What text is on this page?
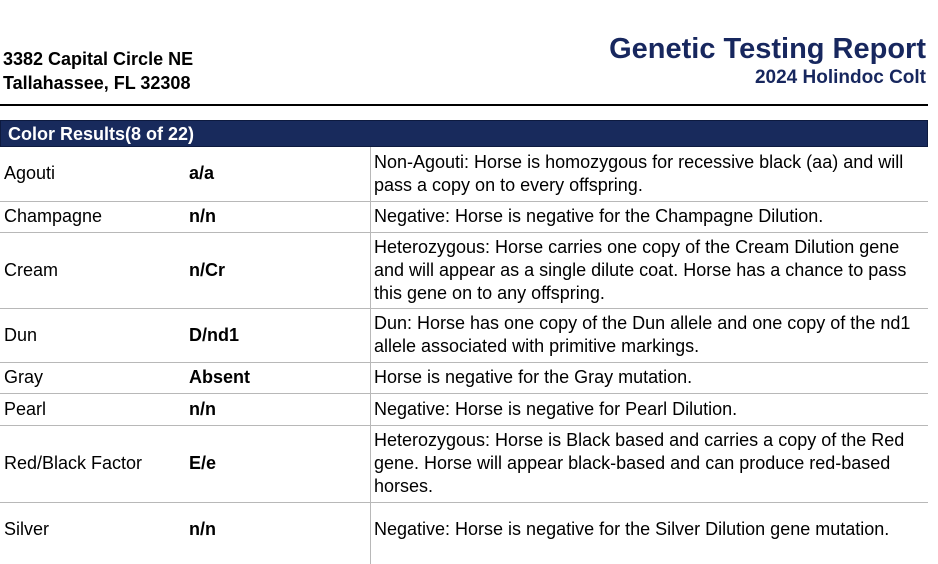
3382 Capital Circle NE
Tallahassee, FL 32308
Genetic Testing Report
2024 Holindoc Colt
Color Results(8 of 22)
Agouti	a/a	Non-Agouti: Horse is homozygous for recessive black (aa) and will pass a copy on to every offspring.
Champagne	n/n	Negative: Horse is negative for the Champagne Dilution.
Cream	n/Cr	Heterozygous: Horse carries one copy of the Cream Dilution gene and will appear as a single dilute coat. Horse has a chance to pass this gene on to any offspring.
Dun	D/nd1	Dun: Horse has one copy of the Dun allele and one copy of the nd1 allele associated with primitive markings.
Gray	Absent	Horse is negative for the Gray mutation.
Pearl	n/n	Negative: Horse is negative for Pearl Dilution.
Red/Black Factor	E/e	Heterozygous: Horse is Black based and carries a copy of the Red gene. Horse will appear black-based and can produce red-based horses.
Silver	n/n	Negative: Horse is negative for the Silver Dilution gene mutation.
